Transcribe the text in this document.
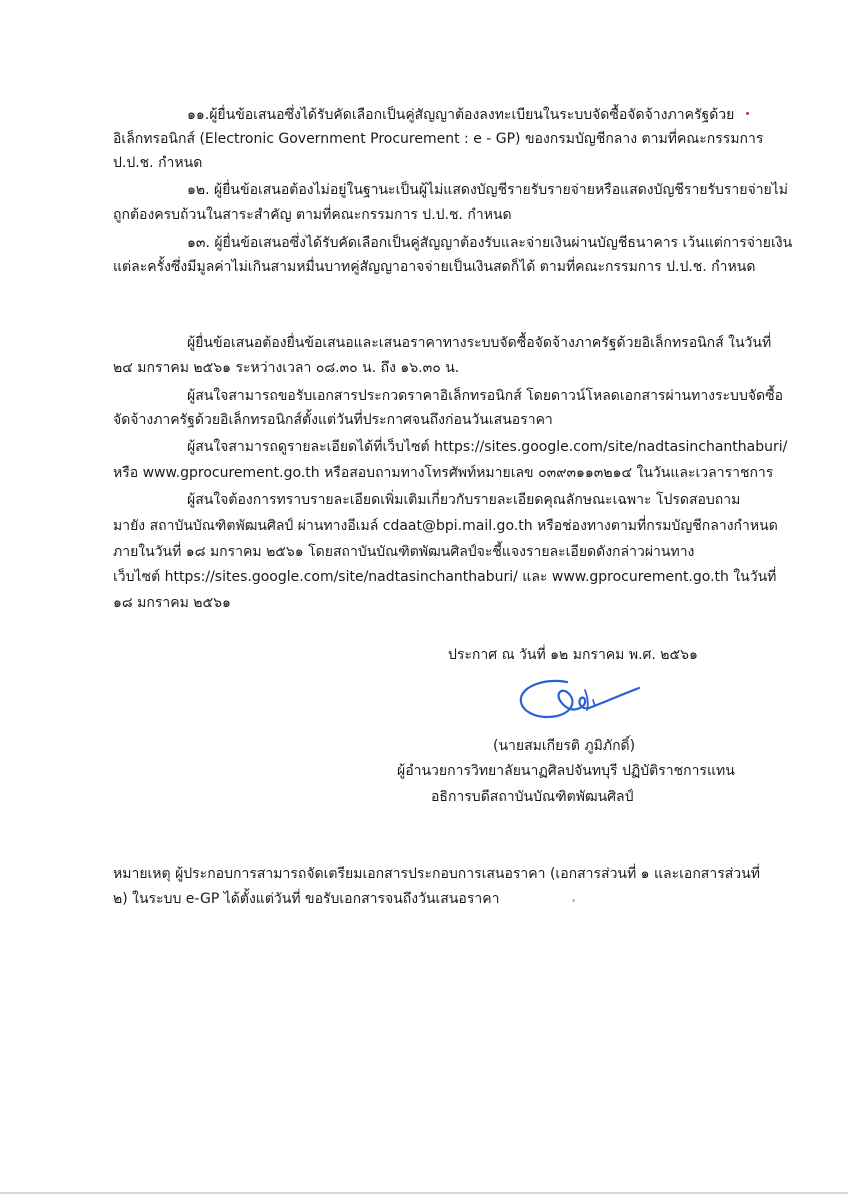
๑๑.ผู้ยื่นข้อเสนอซึ่งได้รับคัดเลือกเป็นคู่สัญญาต้องลงทะเบียนในระบบจัดซื้อจัดจ้างภาครัฐด้วย
อิเล็กทรอนิกส์ (Electronic Government Procurement : e - GP) ของกรมบัญชีกลาง ตามที่คณะกรรมการ
ป.ป.ช. กำหนด
๑๒. ผู้ยื่นข้อเสนอต้องไม่อยู่ในฐานะเป็นผู้ไม่แสดงบัญชีรายรับรายจ่ายหรือแสดงบัญชีรายรับรายจ่ายไม่
ถูกต้องครบถ้วนในสาระสำคัญ ตามที่คณะกรรมการ ป.ป.ช. กำหนด
๑๓. ผู้ยื่นข้อเสนอซึ่งได้รับคัดเลือกเป็นคู่สัญญาต้องรับและจ่ายเงินผ่านบัญชีธนาคาร เว้นแต่การจ่ายเงิน
แต่ละครั้งซึ่งมีมูลค่าไม่เกินสามหมื่นบาทคู่สัญญาอาจจ่ายเป็นเงินสดก็ได้ ตามที่คณะกรรมการ ป.ป.ช. กำหนด
ผู้ยื่นข้อเสนอต้องยื่นข้อเสนอและเสนอราคาทางระบบจัดซื้อจัดจ้างภาครัฐด้วยอิเล็กทรอนิกส์ ในวันที่
๒๔ มกราคม ๒๕๖๑ ระหว่างเวลา ๐๘.๓๐ น. ถึง ๑๖.๓๐ น.
ผู้สนใจสามารถขอรับเอกสารประกวดราคาอิเล็กทรอนิกส์ โดยดาวน์โหลดเอกสารผ่านทางระบบจัดซื้อ
จัดจ้างภาครัฐด้วยอิเล็กทรอนิกส์ตั้งแต่วันที่ประกาศจนถึงก่อนวันเสนอราคา
ผู้สนใจสามารถดูรายละเอียดได้ที่เว็บไซต์ https://sites.google.com/site/nadtasinchanthaburi/
หรือ www.gprocurement.go.th หรือสอบถามทางโทรศัพท์หมายเลข ๐๓๙๓๑๑๓๒๑๔ ในวันและเวลาราชการ
ผู้สนใจต้องการทราบรายละเอียดเพิ่มเติมเกี่ยวกับรายละเอียดคุณลักษณะเฉพาะ โปรดสอบถาม
มายัง สถาบันบัณฑิตพัฒนศิลป์ ผ่านทางอีเมล์ cdaat@bpi.mail.go.th หรือช่องทางตามที่กรมบัญชีกลางกำหนด
ภายในวันที่ ๑๘ มกราคม ๒๕๖๑ โดยสถาบันบัณฑิตพัฒนศิลป์จะชี้แจงรายละเอียดดังกล่าวผ่านทาง
เว็บไซต์ https://sites.google.com/site/nadtasinchanthaburi/ และ www.gprocurement.go.th ในวันที่
๑๘ มกราคม ๒๕๖๑
ประกาศ ณ วันที่ ๑๒ มกราคม พ.ศ. ๒๕๖๑
(นายสมเกียรติ ภูมิภักดิ์)
ผู้อำนวยการวิทยาลัยนาฏศิลปจันทบุรี ปฏิบัติราชการแทน
อธิการบดีสถาบันบัณฑิตพัฒนศิลป์
หมายเหตุ ผู้ประกอบการสามารถจัดเตรียมเอกสารประกอบการเสนอราคา (เอกสารส่วนที่ ๑ และเอกสารส่วนที่
๒) ในระบบ e-GP ได้ตั้งแต่วันที่ ขอรับเอกสารจนถึงวันเสนอราคา
